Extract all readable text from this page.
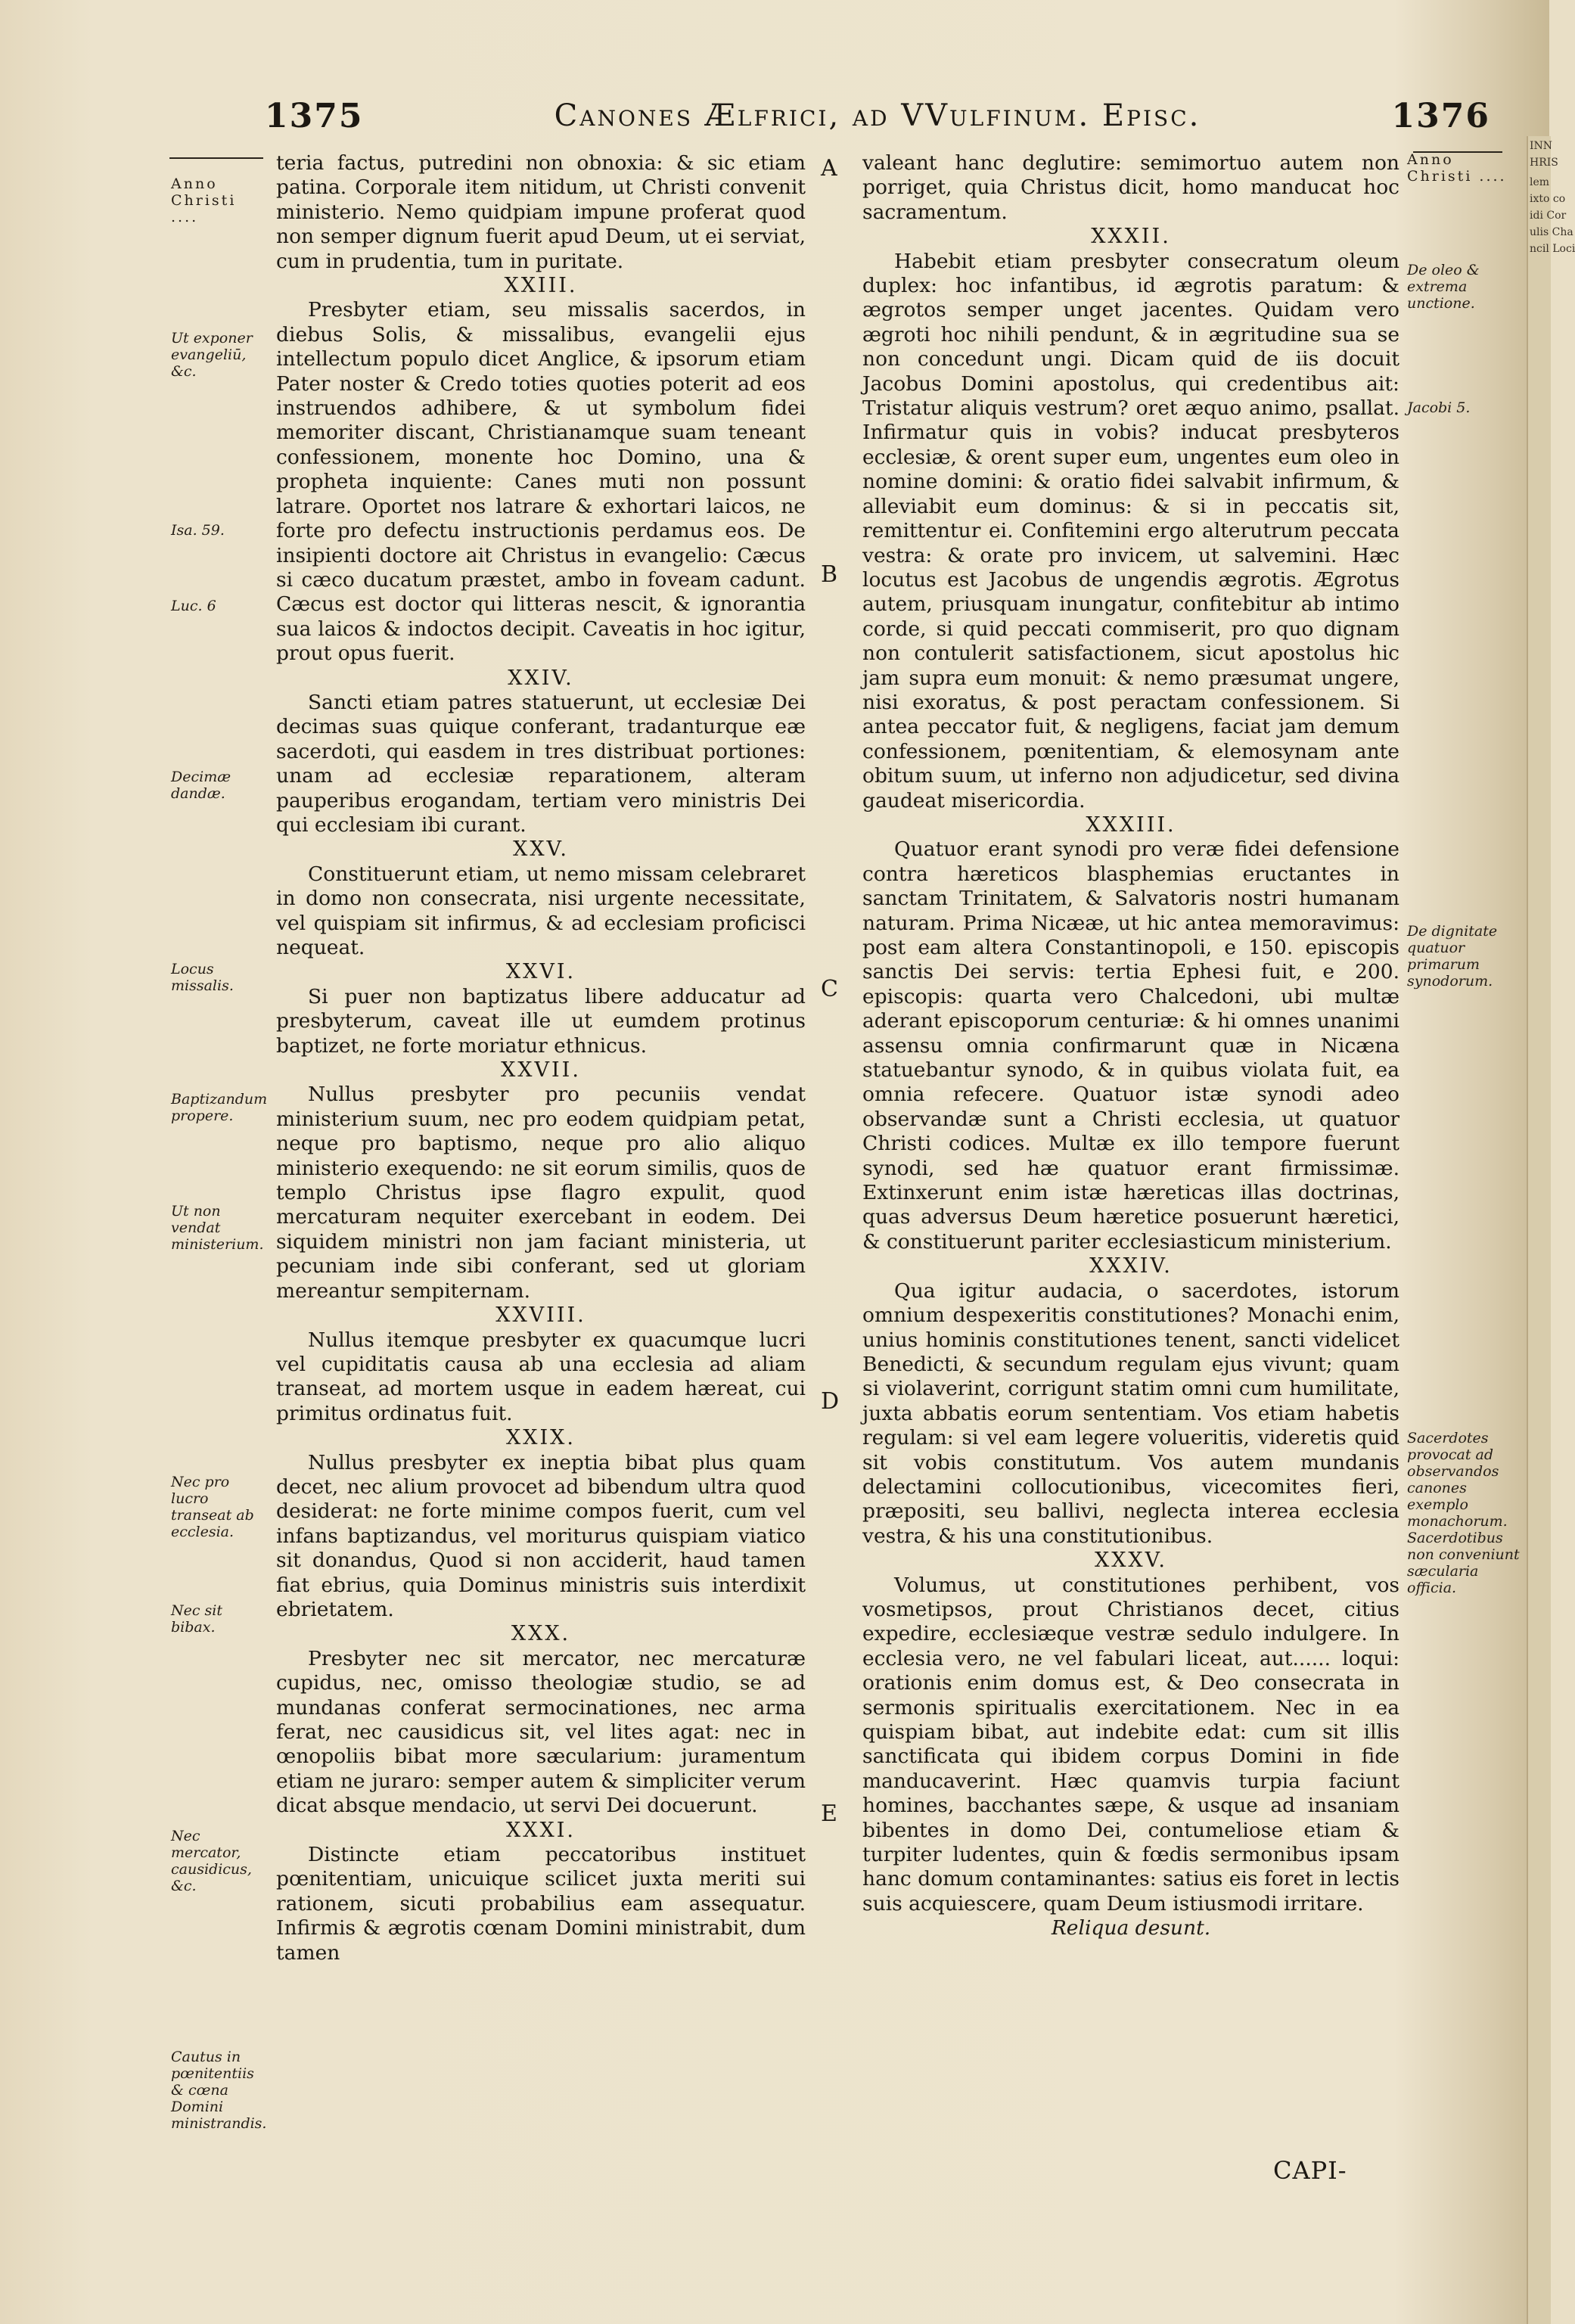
INN
HRIS
lem
ixto co
idi Cor
ulis Cha
ncil Loci
1375	Canones Ælfrici, ad VVulfinum. Episc.	1376
Anno Christi ....
Ut exponer evangeliū, &c.
Isa. 59.
Luc. 6
Decimæ dandæ.
Locus missalis.
Baptizandum propere.
Ut non vendat ministerium.
Nec pro lucro transeat ab ecclesia.
Nec sit bibax.
Nec mercator, causidicus, &c.
Cautus in pœnitentiis & cœna Domini ministrandis.
Anno Christi ....
De oleo & extrema unctione.
Jacobi 5.
De dignitate quatuor primarum synodorum.
Sacerdotes provocat ad observandos canones exemplo monachorum. Sacerdotibus non conveniunt sæcularia officia.
A
B
C
D
E

teria factus, putredini non obnoxia: & sic etiam patina. Corporale item nitidum, ut Christi convenit ministerio. Nemo quidpiam impune proferat quod non semper dignum fuerit apud Deum, ut ei serviat, cum in prudentia, tum in puritate.

XXIII.

Presbyter etiam, seu missalis sacerdos, in diebus Solis, & missalibus, evangelii ejus intellectum populo dicet Anglice, & ipsorum etiam Pater noster & Credo toties quoties poterit ad eos instruendos adhibere, & ut symbolum fidei memoriter discant, Christianamque suam teneant confessionem, monente hoc Domino, una & propheta inquiente: Canes muti non possunt latrare. Oportet nos latrare & exhortari laicos, ne forte pro defectu instructionis perdamus eos. De insipienti doctore ait Christus in evangelio: Cæcus si cæco ducatum præstet, ambo in foveam cadunt. Cæcus est doctor qui litteras nescit, & ignorantia sua laicos & indoctos decipit. Caveatis in hoc igitur, prout opus fuerit.

XXIV.

Sancti etiam patres statuerunt, ut ecclesiæ Dei decimas suas quique conferant, tradanturque eæ sacerdoti, qui easdem in tres distribuat portiones: unam ad ecclesiæ reparationem, alteram pauperibus erogandam, tertiam vero ministris Dei qui ecclesiam ibi curant.

XXV.

Constituerunt etiam, ut nemo missam celebraret in domo non consecrata, nisi urgente necessitate, vel quispiam sit infirmus, & ad ecclesiam proficisci nequeat.

XXVI.

Si puer non baptizatus libere adducatur ad presbyterum, caveat ille ut eumdem protinus baptizet, ne forte moriatur ethnicus.

XXVII.

Nullus presbyter pro pecuniis vendat ministerium suum, nec pro eodem quidpiam petat, neque pro baptismo, neque pro alio aliquo ministerio exequendo: ne sit eorum similis, quos de templo Christus ipse flagro expulit, quod mercaturam nequiter exercebant in eodem. Dei siquidem ministri non jam faciant ministeria, ut pecuniam inde sibi conferant, sed ut gloriam mereantur sempiternam.

XXVIII.

Nullus itemque presbyter ex quacumque lucri vel cupiditatis causa ab una ecclesia ad aliam transeat, ad mortem usque in eadem hæreat, cui primitus ordinatus fuit.

XXIX.

Nullus presbyter ex ineptia bibat plus quam decet, nec alium provocet ad bibendum ultra quod desiderat: ne forte minime compos fuerit, cum vel infans baptizandus, vel moriturus quispiam viatico sit donandus, Quod si non acciderit, haud tamen fiat ebrius, quia Dominus ministris suis interdixit ebrietatem.

XXX.

Presbyter nec sit mercator, nec mercaturæ cupidus, nec, omisso theologiæ studio, se ad mundanas conferat sermocinationes, nec arma ferat, nec causidicus sit, vel lites agat: nec in œnopoliis bibat more sæcularium: juramentum etiam ne juraro: semper autem & simpliciter verum dicat absque mendacio, ut servi Dei docuerunt.

XXXI.

Distincte etiam peccatoribus instituet pœnitentiam, unicuique scilicet juxta meriti sui rationem, sicuti probabilius eam assequatur. Infirmis & ægrotis cœnam Domini ministrabit, dum tamen

valeant hanc deglutire: semimortuo autem non porriget, quia Christus dicit, homo manducat hoc sacramentum.

XXXII.

Habebit etiam presbyter consecratum oleum duplex: hoc infantibus, id ægrotis paratum: & ægrotos semper unget jacentes. Quidam vero ægroti hoc nihili pendunt, & in ægritudine sua se non concedunt ungi. Dicam quid de iis docuit Jacobus Domini apostolus, qui credentibus ait: Tristatur aliquis vestrum? oret æquo animo, psallat. Infirmatur quis in vobis? inducat presbyteros ecclesiæ, & orent super eum, ungentes eum oleo in nomine domini: & oratio fidei salvabit infirmum, & alleviabit eum dominus: & si in peccatis sit, remittentur ei. Confitemini ergo alterutrum peccata vestra: & orate pro invicem, ut salvemini. Hæc locutus est Jacobus de ungendis ægrotis. Ægrotus autem, priusquam inungatur, confitebitur ab intimo corde, si quid peccati commiserit, pro quo dignam non contulerit satisfactionem, sicut apostolus hic jam supra eum monuit: & nemo præsumat ungere, nisi exoratus, & post peractam confessionem. Si antea peccator fuit, & negligens, faciat jam demum confessionem, pœnitentiam, & elemosynam ante obitum suum, ut inferno non adjudicetur, sed divina gaudeat misericordia.

XXXIII.

Quatuor erant synodi pro veræ fidei defensione contra hæreticos blasphemias eructantes in sanctam Trinitatem, & Salvatoris nostri humanam naturam. Prima Nicææ, ut hic antea memoravimus: post eam altera Constantinopoli, e 150. episcopis sanctis Dei servis: tertia Ephesi fuit, e 200. episcopis: quarta vero Chalcedoni, ubi multæ aderant episcoporum centuriæ: & hi omnes unanimi assensu omnia confirmarunt quæ in Nicæna statuebantur synodo, & in quibus violata fuit, ea omnia refecere. Quatuor istæ synodi adeo observandæ sunt a Christi ecclesia, ut quatuor Christi codices. Multæ ex illo tempore fuerunt synodi, sed hæ quatuor erant firmissimæ. Extinxerunt enim istæ hæreticas illas doctrinas, quas adversus Deum hæretice posuerunt hæretici, & constituerunt pariter ecclesiasticum ministerium.

XXXIV.

Qua igitur audacia, o sacerdotes, istorum omnium despexeritis constitutiones? Monachi enim, unius hominis constitutiones tenent, sancti videlicet Benedicti, & secundum regulam ejus vivunt; quam si violaverint, corrigunt statim omni cum humilitate, juxta abbatis eorum sententiam. Vos etiam habetis regulam: si vel eam legere volueritis, videretis quid sit vobis constitutum. Vos autem mundanis delectamini collocutionibus, vicecomites fieri, præpositi, seu ballivi, neglecta interea ecclesia vestra, & his una constitutionibus.

XXXV.

Volumus, ut constitutiones perhibent, vos vosmetipsos, prout Christianos decet, citius expedire, ecclesiæque vestræ sedulo indulgere. In ecclesia vero, ne vel fabulari liceat, aut...... loqui: orationis enim domus est, & Deo consecrata in sermonis spiritualis exercitationem. Nec in ea quispiam bibat, aut indebite edat: cum sit illis sanctificata qui ibidem corpus Domini in fide manducaverint. Hæc quamvis turpia faciunt homines, bacchantes sæpe, & usque ad insaniam bibentes in domo Dei, contumeliose etiam & turpiter ludentes, quin & fœdis sermonibus ipsam hanc domum contaminantes: satius eis foret in lectis suis acquiescere, quam Deum istiusmodi irritare.

Reliqua desunt.

CAPI-
